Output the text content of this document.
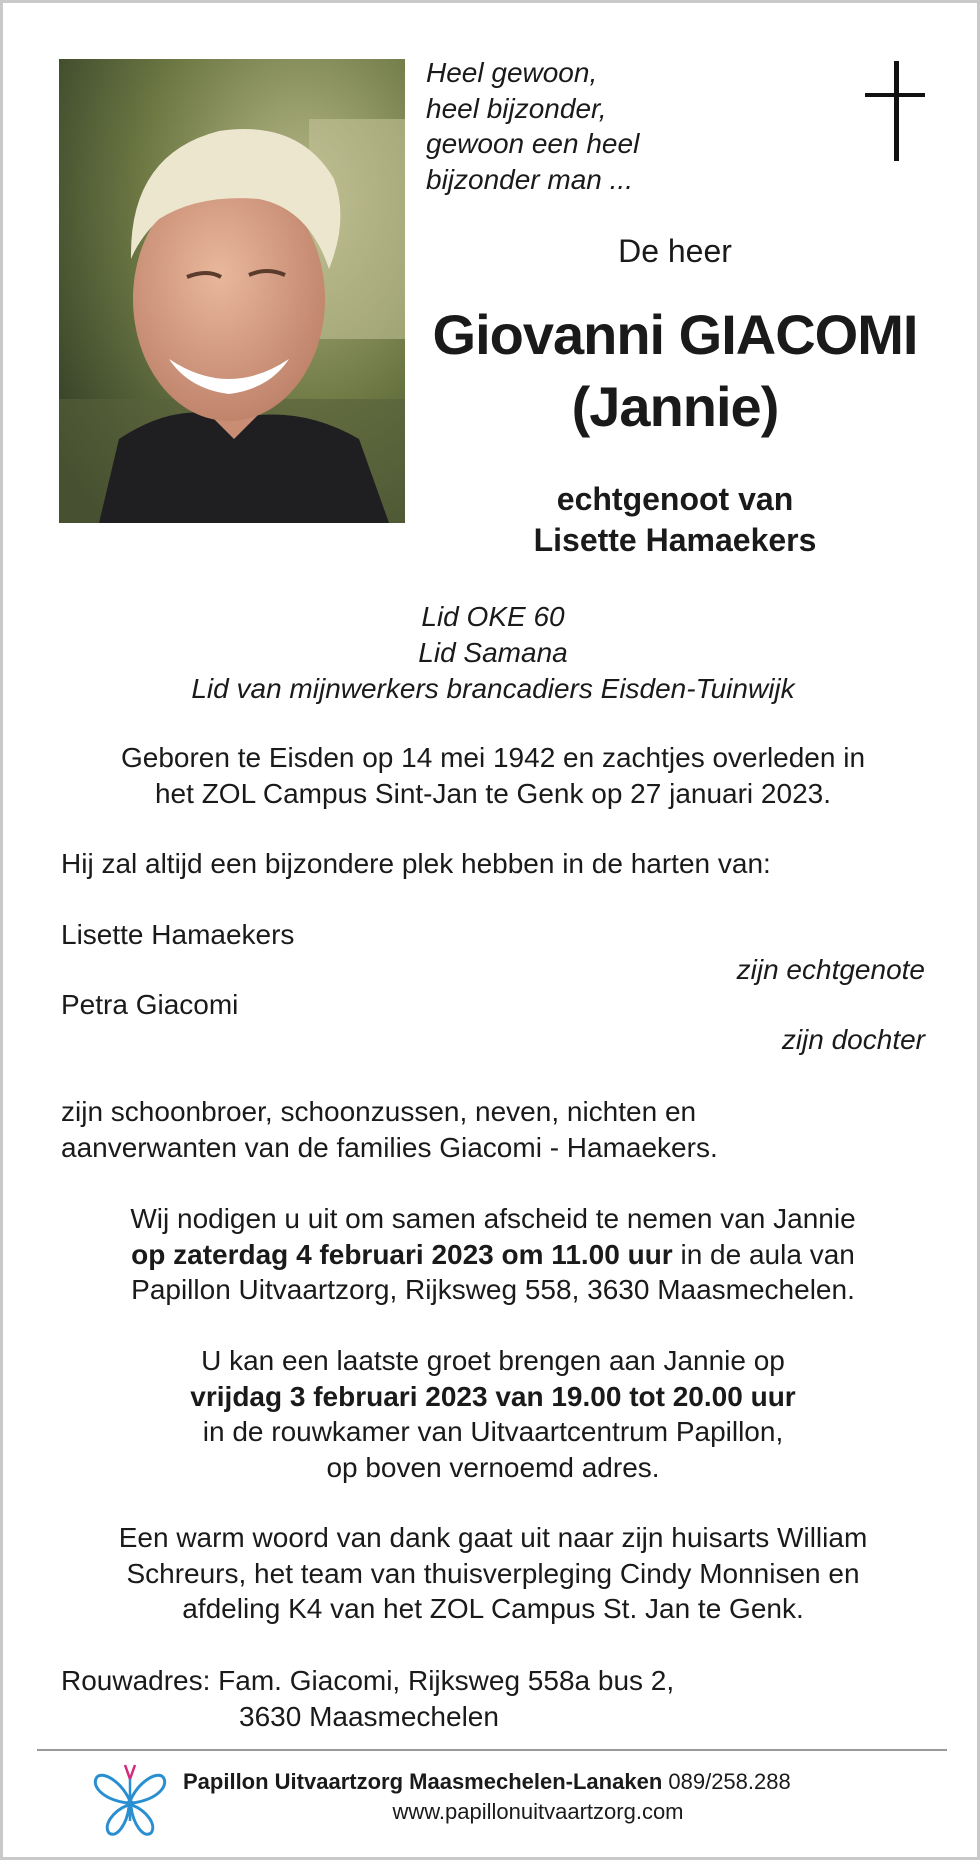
Heel gewoon,
heel bijzonder,
gewoon een heel
bijzonder man ...
De heer
Giovanni GIACOMI
(Jannie)
echtgenoot van
Lisette Hamaekers
Lid OKE 60
Lid Samana
Lid van mijnwerkers brancadiers Eisden-Tuinwijk
Geboren te Eisden op 14 mei 1942 en zachtjes overleden in
het ZOL Campus Sint-Jan te Genk op 27 januari 2023.
Hij zal altijd een bijzondere plek hebben in de harten van:
Lisette Hamaekers
zijn echtgenote
Petra Giacomi
zijn dochter
zijn schoonbroer, schoonzussen, neven, nichten en
aanverwanten van de families Giacomi - Hamaekers.
Wij nodigen u uit om samen afscheid te nemen van Jannie
op zaterdag 4 februari 2023 om 11.00 uur in de aula van
Papillon Uitvaartzorg, Rijksweg 558, 3630 Maasmechelen.
U kan een laatste groet brengen aan Jannie op
vrijdag 3 februari 2023 van 19.00 tot 20.00 uur
in de rouwkamer van Uitvaartcentrum Papillon,
op boven vernoemd adres.
Een warm woord van dank gaat uit naar zijn huisarts William
Schreurs, het team van thuisverpleging Cindy Monnisen en
afdeling K4 van het ZOL Campus St. Jan te Genk.
Rouwadres: Fam. Giacomi, Rijksweg 558a bus 2,
3630 Maasmechelen
Papillon Uitvaartzorg Maasmechelen-Lanaken 089/258.288
www.papillonuitvaartzorg.com
